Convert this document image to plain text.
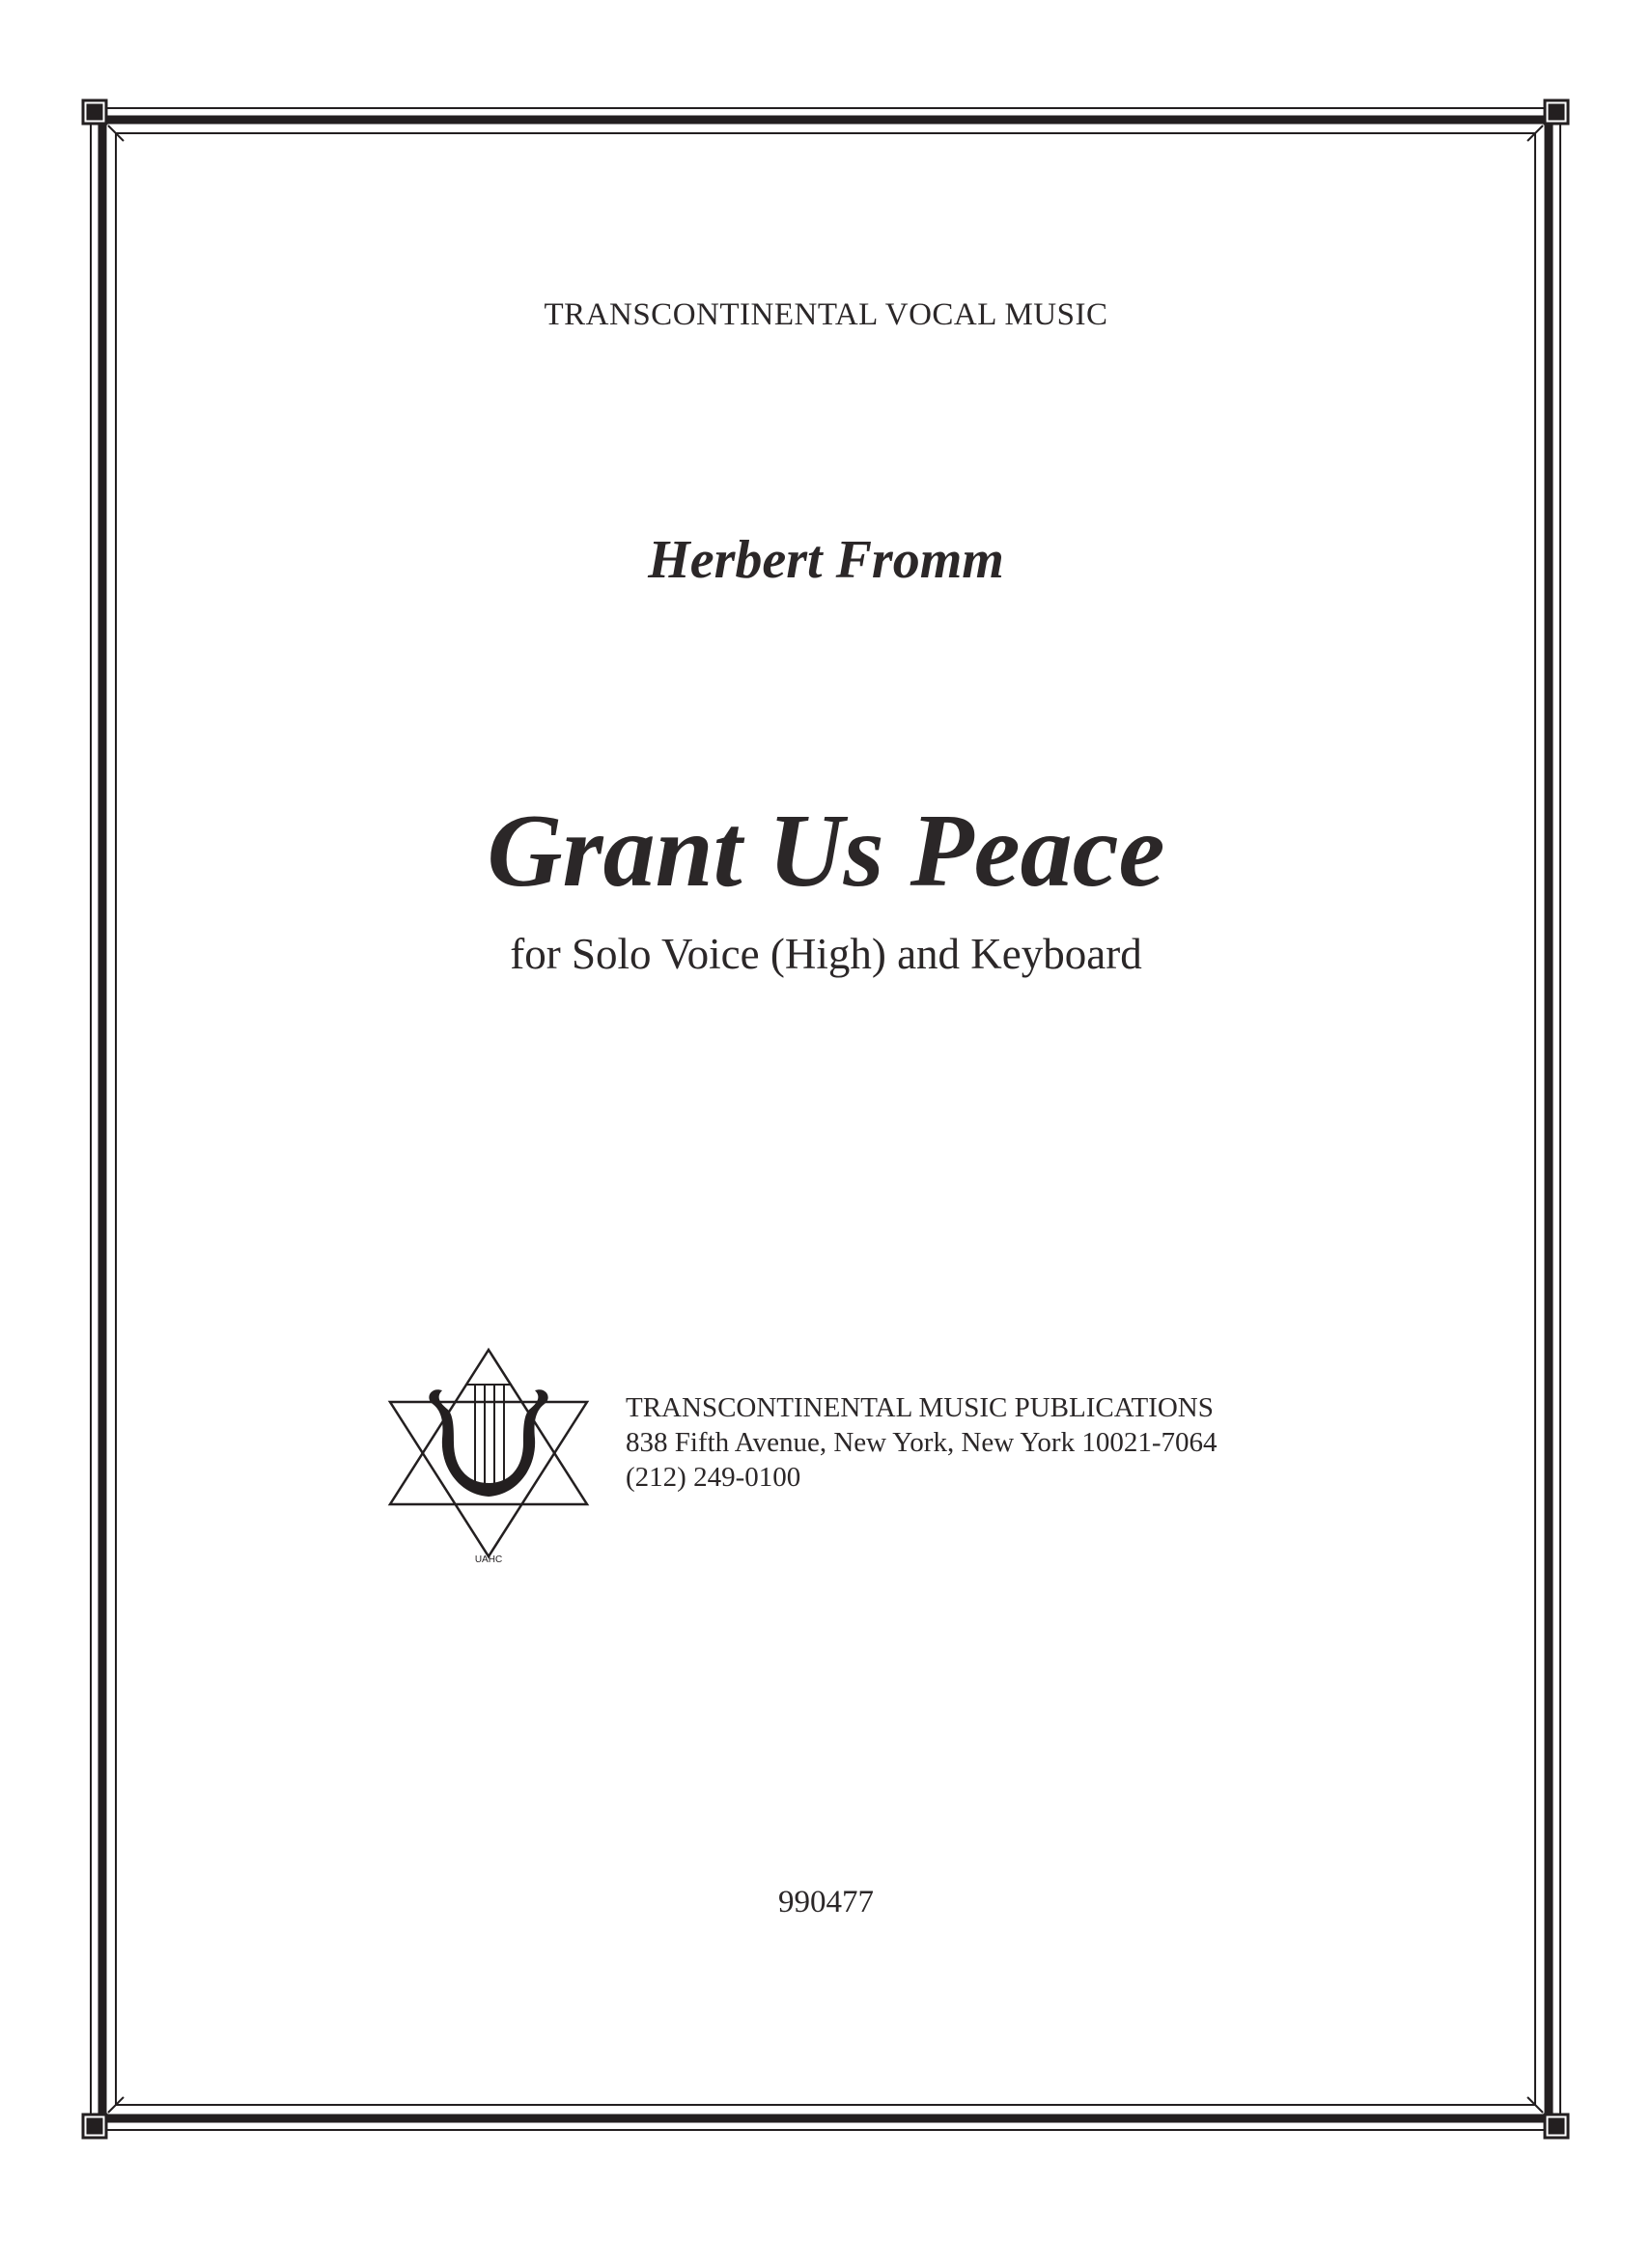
TRANSCONTINENTAL VOCAL MUSIC
Herbert Fromm
Grant Us Peace
for Solo Voice (High) and Keyboard
UAHC
TRANSCONTINENTAL MUSIC PUBLICATIONS
838 Fifth Avenue, New York, New York 10021-7064
(212) 249-0100
990477
